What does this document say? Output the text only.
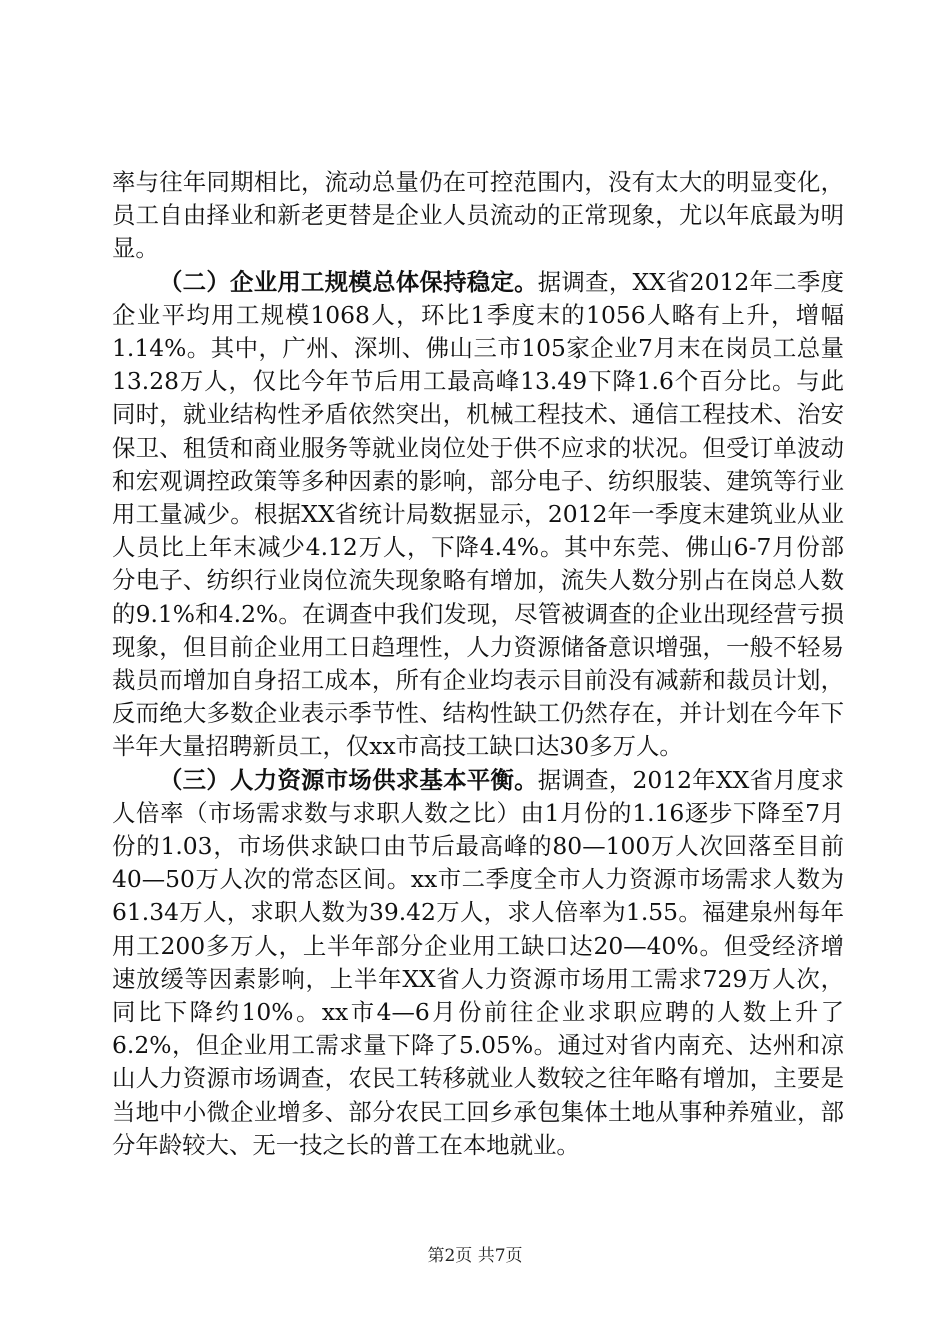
率与往年同期相比，流动总量仍在可控范围内，没有太大的明显变化，员工自由择业和新老更替是企业人员流动的正常现象，尤以年底最为明显。

（二）企业用工规模总体保持稳定。据调查，XX省2012年二季度企业平均用工规模1068人，环比1季度末的1056人略有上升，增幅1.14%。其中，广州、深圳、佛山三市105家企业7月末在岗员工总量13.28万人，仅比今年节后用工最高峰13.49下降1.6个百分比。与此同时，就业结构性矛盾依然突出，机械工程技术、通信工程技术、治安保卫、租赁和商业服务等就业岗位处于供不应求的状况。但受订单波动和宏观调控政策等多种因素的影响，部分电子、纺织服装、建筑等行业用工量减少。根据XX省统计局数据显示，2012年一季度末建筑业从业人员比上年末减少4.12万人，下降4.4%。其中东莞、佛山6-7月份部分电子、纺织行业岗位流失现象略有增加，流失人数分别占在岗总人数的9.1%和4.2%。在调查中我们发现，尽管被调查的企业出现经营亏损现象，但目前企业用工日趋理性，人力资源储备意识增强，一般不轻易裁员而增加自身招工成本，所有企业均表示目前没有减薪和裁员计划，反而绝大多数企业表示季节性、结构性缺工仍然存在，并计划在今年下半年大量招聘新员工，仅xx市高技工缺口达30多万人。

（三）人力资源市场供求基本平衡。据调查，2012年XX省月度求人倍率（市场需求数与求职人数之比）由1月份的1.16逐步下降至7月份的1.03，市场供求缺口由节后最高峰的80—100万人次回落至目前40—50万人次的常态区间。xx市二季度全市人力资源市场需求人数为61.34万人，求职人数为39.42万人，求人倍率为1.55。福建泉州每年用工200多万人，上半年部分企业用工缺口达20—40%。但受经济增速放缓等因素影响，上半年XX省人力资源市场用工需求729万人次，同比下降约10%。xx市4—6月份前往企业求职应聘的人数上升了6.2%，但企业用工需求量下降了5.05%。通过对省内南充、达州和凉山人力资源市场调查，农民工转移就业人数较之往年略有增加，主要是当地中小微企业增多、部分农民工回乡承包集体土地从事种养殖业，部分年龄较大、无一技之长的普工在本地就业。

第2页 共7页
